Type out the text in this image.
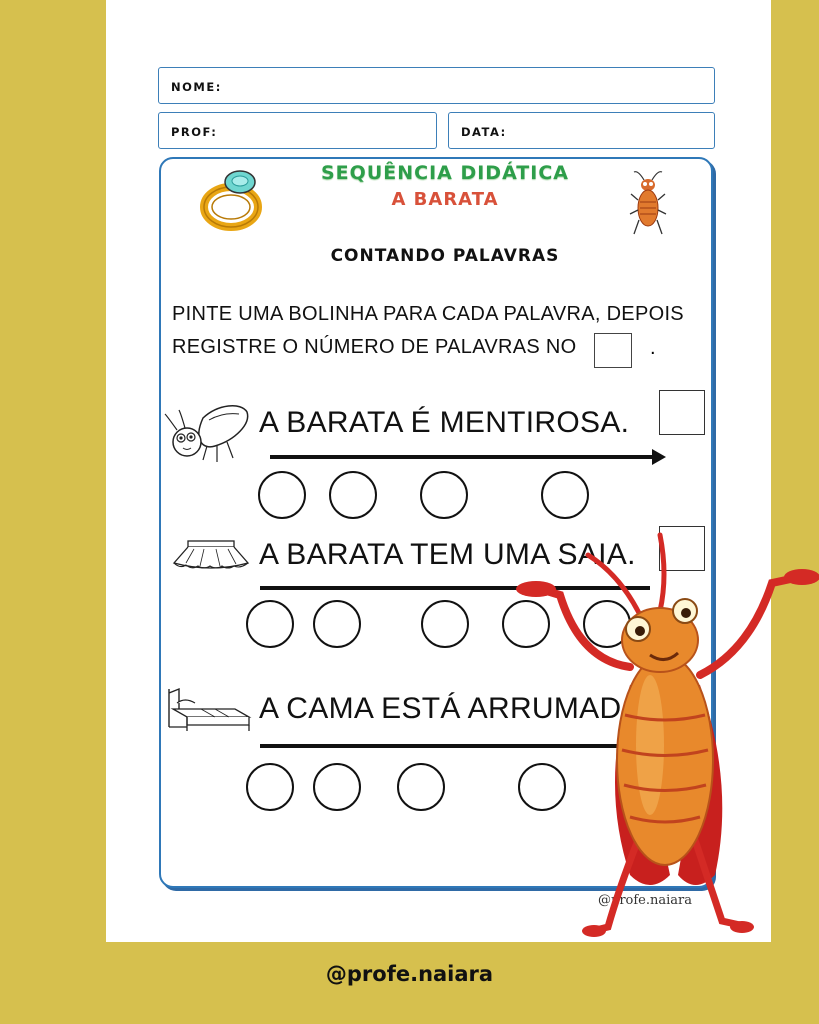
NOME:
PROF:	DATA:
SEQUÊNCIA DIDÁTICA
A BARATA
CONTANDO PALAVRAS
PINTE UMA BOLINHA PARA CADA PALAVRA, DEPOIS
REGISTRE O NÚMERO DE PALAVRAS NO	.
A BARATA É MENTIROSA.
A BARATA TEM UMA SAIA.
A CAMA ESTÁ ARRUMAD
@profe.naiara
@profe.naiara
